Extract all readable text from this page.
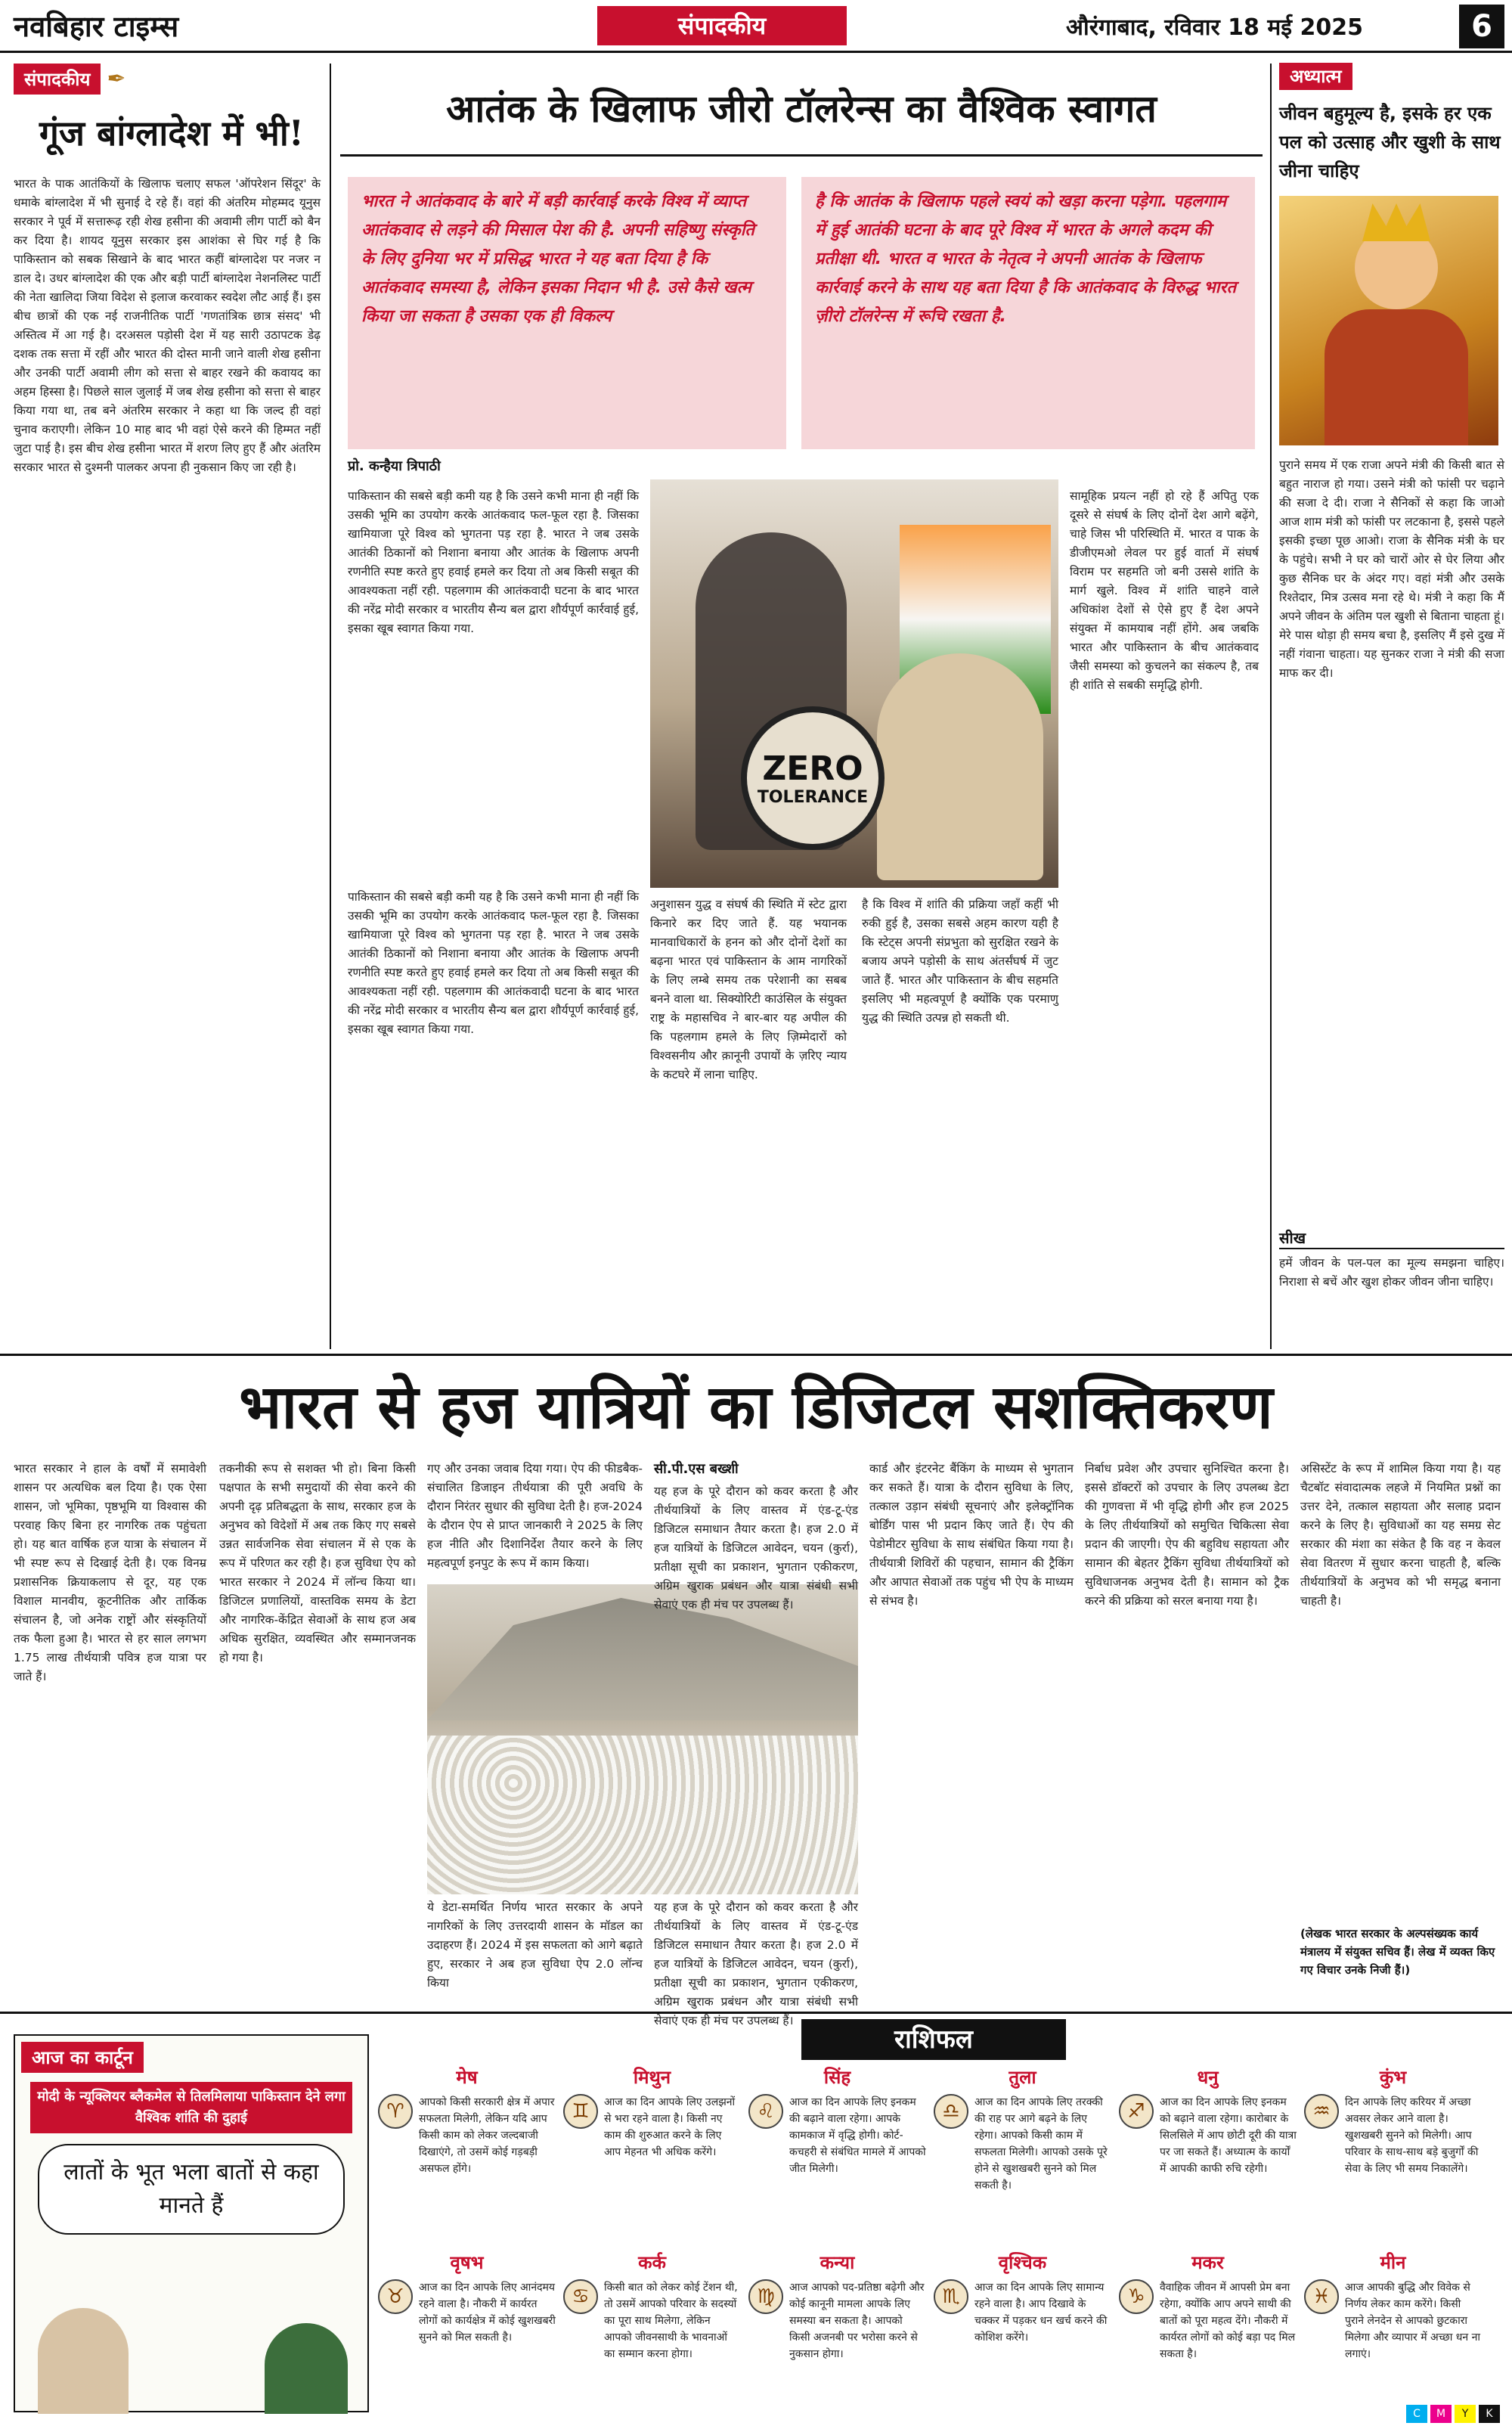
नवबिहार टाइम्स	संपादकीय	औरंगाबाद, रविवार 18 मई 2025	6
संपादकीय ✒
गूंज बांग्लादेश में भी!
भारत के पाक आतंकियों के खिलाफ चलाए सफल 'ऑपरेशन सिंदूर' के धमाके बांग्लादेश में भी सुनाई दे रहे हैं। वहां की अंतरिम मोहम्मद यूनुस सरकार ने पूर्व में सत्तारूढ़ रही शेख हसीना की अवामी लीग पार्टी को बैन कर दिया है। शायद यूनुस सरकार इस आशंका से घिर गई है कि पाकिस्तान को सबक सिखाने के बाद भारत कहीं बांग्लादेश पर नजर न डाल दे। उधर बांग्लादेश की एक और बड़ी पार्टी बांग्लादेश नेशनलिस्ट पार्टी की नेता खालिदा जिया विदेश से इलाज करवाकर स्वदेश लौट आई हैं। इस बीच छात्रों की एक नई राजनीतिक पार्टी 'गणतांत्रिक छात्र संसद' भी अस्तित्व में आ गई है। दरअसल पड़ोसी देश में यह सारी उठापटक डेढ़ दशक तक सत्ता में रहीं और भारत की दोस्त मानी जाने वाली शेख हसीना और उनकी पार्टी अवामी लीग को सत्ता से बाहर रखने की कवायद का अहम हिस्सा है। पिछले साल जुलाई में जब शेख हसीना को सत्ता से बाहर किया गया था, तब बने अंतरिम सरकार ने कहा था कि जल्द ही वहां चुनाव कराएगी। लेकिन 10 माह बाद भी वहां ऐसे करने की हिम्मत नहीं जुटा पाई है। इस बीच शेख हसीना भारत में शरण लिए हुए हैं और अंतरिम सरकार भारत से दुश्मनी पालकर अपना ही नुकसान किए जा रही है।
आतंक के खिलाफ जीरो टॉलरेन्स का वैश्विक स्वागत
भारत ने आतंकवाद के बारे में बड़ी कार्रवाई करके विश्व में व्याप्त आतंकवाद से लड़ने की मिसाल पेश की है. अपनी सहिष्णु संस्कृति के लिए दुनिया भर में प्रसिद्ध भारत ने यह बता दिया है कि आतंकवाद समस्या है, लेकिन इसका निदान भी है. उसे कैसे खत्म किया जा सकता है उसका एक ही विकल्प
है कि आतंक के खिलाफ पहले स्वयं को खड़ा करना पड़ेगा. पहलगाम में हुई आतंकी घटना के बाद पूरे विश्व में भारत के अगले कदम की प्रतीक्षा थी. भारत व भारत के नेतृत्व ने अपनी आतंक के खिलाफ कार्रवाई करने के साथ यह बता दिया है कि आतंकवाद के विरुद्ध भारत ज़ीरो टॉलरेन्स में रूचि रखता है.
प्रो. कन्हैया त्रिपाठी
ZERO
TOLERANCE
पाकिस्तान की सबसे बड़ी कमी यह है कि उसने कभी माना ही नहीं कि उसकी भूमि का उपयोग करके आतंकवाद फल-फूल रहा है. जिसका खामियाजा पूरे विश्व को भुगतना पड़ रहा है. भारत ने जब उसके आतंकी ठिकानों को निशाना बनाया और आतंक के खिलाफ अपनी रणनीति स्पष्ट करते हुए हवाई हमले कर दिया तो अब किसी सबूत की आवश्यकता नहीं रही. पहलगाम की आतंकवादी घटना के बाद भारत की नरेंद्र मोदी सरकार व भारतीय सैन्य बल द्वारा शौर्यपूर्ण कार्रवाई हुई, इसका खूब स्वागत किया गया.
पाकिस्तान की सबसे बड़ी कमी यह है कि उसने कभी माना ही नहीं कि उसकी भूमि का उपयोग करके आतंकवाद फल-फूल रहा है. जिसका खामियाजा पूरे विश्व को भुगतना पड़ रहा है. भारत ने जब उसके आतंकी ठिकानों को निशाना बनाया और आतंक के खिलाफ अपनी रणनीति स्पष्ट करते हुए हवाई हमले कर दिया तो अब किसी सबूत की आवश्यकता नहीं रही. पहलगाम की आतंकवादी घटना के बाद भारत की नरेंद्र मोदी सरकार व भारतीय सैन्य बल द्वारा शौर्यपूर्ण कार्रवाई हुई, इसका खूब स्वागत किया गया.
अनुशासन युद्ध व संघर्ष की स्थिति में स्टेट द्वारा किनारे कर दिए जाते हैं. यह भयानक मानवाधिकारों के हनन को और दोनों देशों का बढ़ना भारत एवं पाकिस्तान के आम नागरिकों के लिए लम्बे समय तक परेशानी का सबब बनने वाला था. सिक्योरिटी काउंसिल के संयुक्त राष्ट्र के महासचिव ने बार-बार यह अपील की कि पहलगाम हमले के लिए ज़िम्मेदारों को विश्वसनीय और क़ानूनी उपायों के ज़रिए न्याय के कटघरे में लाना चाहिए.
है कि विश्व में शांति की प्रक्रिया जहाँ कहीं भी रुकी हुई है, उसका सबसे अहम कारण यही है कि स्टेट्स अपनी संप्रभुता को सुरक्षित रखने के बजाय अपने पड़ोसी के साथ अंतर्संघर्ष में जुट जाते हैं. भारत और पाकिस्तान के बीच सहमति इसलिए भी महत्वपूर्ण है क्योंकि एक परमाणु युद्ध की स्थिति उत्पन्न हो सकती थी.
सामूहिक प्रयत्न नहीं हो रहे हैं अपितु एक दूसरे से संघर्ष के लिए दोनों देश आगे बढ़ेंगे, चाहे जिस भी परिस्थिति में. भारत व पाक के डीजीएमओ लेवल पर हुई वार्ता में संघर्ष विराम पर सहमति जो बनी उससे शांति के मार्ग खुले. विश्व में शांति चाहने वाले अधिकांश देशों से ऐसे हुए हैं देश अपने संयुक्त में कामयाब नहीं होंगे. अब जबकि भारत और पाकिस्तान के बीच आतंकवाद जैसी समस्या को कुचलने का संकल्प है, तब ही शांति से सबकी समृद्धि होगी.
अध्यात्म
जीवन बहुमूल्य है, इसके हर एक पल को उत्साह और खुशी के साथ जीना चाहिए
पुराने समय में एक राजा अपने मंत्री की किसी बात से बहुत नाराज हो गया। उसने मंत्री को फांसी पर चढ़ाने की सजा दे दी। राजा ने सैनिकों से कहा कि जाओ आज शाम मंत्री को फांसी पर लटकाना है, इससे पहले इसकी इच्छा पूछ आओ। राजा के सैनिक मंत्री के घर के पहुंचे। सभी ने घर को चारों ओर से घेर लिया और कुछ सैनिक घर के अंदर गए। वहां मंत्री और उसके रिश्तेदार, मित्र उत्सव मना रहे थे। मंत्री ने कहा कि मैं अपने जीवन के अंतिम पल खुशी से बिताना चाहता हूं। मेरे पास थोड़ा ही समय बचा है, इसलिए मैं इसे दुख में नहीं गंवाना चाहता। यह सुनकर राजा ने मंत्री की सजा माफ कर दी।
सीख
हमें जीवन के पल-पल का मूल्य समझना चाहिए। निराशा से बचें और खुश होकर जीवन जीना चाहिए।
भारत से हज यात्रियों का डिजिटल सशक्तिकरण
भारत सरकार ने हाल के वर्षों में समावेशी शासन पर अत्यधिक बल दिया है। एक ऐसा शासन, जो भूमिका, पृष्ठभूमि या विश्वास की परवाह किए बिना हर नागरिक तक पहुंचता हो। यह बात वार्षिक हज यात्रा के संचालन में भी स्पष्ट रूप से दिखाई देती है। एक विनम्र प्रशासनिक क्रियाकलाप से दूर, यह एक विशाल मानवीय, कूटनीतिक और तार्किक संचालन है, जो अनेक राष्ट्रों और संस्कृतियों तक फैला हुआ है। भारत से हर साल लगभग 1.75 लाख तीर्थयात्री पवित्र हज यात्रा पर जाते हैं।
तकनीकी रूप से सशक्त भी हो। बिना किसी पक्षपात के सभी समुदायों की सेवा करने की अपनी दृढ़ प्रतिबद्धता के साथ, सरकार हज के अनुभव को विदेशों में अब तक किए गए सबसे उन्नत सार्वजनिक सेवा संचालन में से एक के रूप में परिणत कर रही है। हज सुविधा ऐप को भारत सरकार ने 2024 में लॉन्च किया था। डिजिटल प्रणालियों, वास्तविक समय के डेटा और नागरिक-केंद्रित सेवाओं के साथ हज अब अधिक सुरक्षित, व्यवस्थित और सम्मानजनक हो गया है।
गए और उनका जवाब दिया गया। ऐप की फीडबैक-संचालित डिजाइन तीर्थयात्रा की पूरी अवधि के दौरान निरंतर सुधार की सुविधा देती है। हज-2024 के दौरान ऐप से प्राप्त जानकारी ने 2025 के लिए हज नीति और दिशानिर्देश तैयार करने के लिए महत्वपूर्ण इनपुट के रूप में काम किया।
सी.पी.एस बख्शी
यह हज के पूरे दौरान को कवर करता है और तीर्थयात्रियों के लिए वास्तव में एंड-टू-एंड डिजिटल समाधान तैयार करता है। हज 2.0 में हज यात्रियों के डिजिटल आवेदन, चयन (कुर्रा), प्रतीक्षा सूची का प्रकाशन, भुगतान एकीकरण, अग्रिम खुराक प्रबंधन और यात्रा संबंधी सभी सेवाएं एक ही मंच पर उपलब्ध हैं।
ये डेटा-समर्थित निर्णय भारत सरकार के अपने नागरिकों के लिए उत्तरदायी शासन के मॉडल का उदाहरण हैं। 2024 में इस सफलता को आगे बढ़ाते हुए, सरकार ने अब हज सुविधा ऐप 2.0 लॉन्च किया
यह हज के पूरे दौरान को कवर करता है और तीर्थयात्रियों के लिए वास्तव में एंड-टू-एंड डिजिटल समाधान तैयार करता है। हज 2.0 में हज यात्रियों के डिजिटल आवेदन, चयन (कुर्रा), प्रतीक्षा सूची का प्रकाशन, भुगतान एकीकरण, अग्रिम खुराक प्रबंधन और यात्रा संबंधी सभी सेवाएं एक ही मंच पर उपलब्ध हैं।
कार्ड और इंटरनेट बैंकिंग के माध्यम से भुगतान कर सकते हैं। यात्रा के दौरान सुविधा के लिए, तत्काल उड़ान संबंधी सूचनाएं और इलेक्ट्रॉनिक बोर्डिंग पास भी प्रदान किए जाते हैं। ऐप की पेडोमीटर सुविधा के साथ संबंधित किया गया है। तीर्थयात्री शिविरों की पहचान, सामान की ट्रैकिंग और आपात सेवाओं तक पहुंच भी ऐप के माध्यम से संभव है।
निर्बाध प्रवेश और उपचार सुनिश्चित करना है। इससे डॉक्टरों को उपचार के लिए उपलब्ध डेटा की गुणवत्ता में भी वृद्धि होगी और हज 2025 के लिए तीर्थयात्रियों को समुचित चिकित्सा सेवा प्रदान की जाएगी। ऐप की बहुविध सहायता और सामान की बेहतर ट्रैकिंग सुविधा तीर्थयात्रियों को सुविधाजनक अनुभव देती है। सामान को ट्रैक करने की प्रक्रिया को सरल बनाया गया है।
असिस्टेंट के रूप में शामिल किया गया है। यह चैटबॉट संवादात्मक लहजे में नियमित प्रश्नों का उत्तर देने, तत्काल सहायता और सलाह प्रदान करने के लिए है। सुविधाओं का यह समग्र सेट सरकार की मंशा का संकेत है कि वह न केवल सेवा वितरण में सुधार करना चाहती है, बल्कि तीर्थयात्रियों के अनुभव को भी समृद्ध बनाना चाहती है।
(लेखक भारत सरकार के अल्पसंख्यक कार्य मंत्रालय में संयुक्त सचिव हैं। लेख में व्यक्त किए गए विचार उनके निजी हैं।)
आज का कार्टून
मोदी के न्यूक्लियर ब्लैकमेल से तिलमिलाया पाकिस्तान देने लगा वैश्विक शांति की दुहाई
लातों के भूत भला बातों से कहा मानते हैं
राशिफल
मेष
♈	आपको किसी सरकारी क्षेत्र में अपार सफलता मिलेगी, लेकिन यदि आप किसी काम को लेकर जल्दबाजी दिखाएंगे, तो उसमें कोई गड़बड़ी असफल होंगे।
मिथुन
♊	आज का दिन आपके लिए उलझनों से भरा रहने वाला है। किसी नए काम की शुरुआत करने के लिए आप मेहनत भी अधिक करेंगे।
सिंह
♌	आज का दिन आपके लिए इनकम की बढ़ाने वाला रहेगा। आपके कामकाज में वृद्धि होगी। कोर्ट-कचहरी से संबंधित मामले में आपको जीत मिलेगी।
तुला
♎	आज का दिन आपके लिए तरक्की की राह पर आगे बढ़ने के लिए रहेगा। आपको किसी काम में सफलता मिलेगी। आपको उसके पूरे होने से खुशखबरी सुनने को मिल सकती है।
धनु
♐	आज का दिन आपके लिए इनकम को बढ़ाने वाला रहेगा। कारोबार के सिलसिले में आप छोटी दूरी की यात्रा पर जा सकते हैं। अध्यात्म के कार्यों में आपकी काफी रुचि रहेगी।
कुंभ
♒	दिन आपके लिए करियर में अच्छा अवसर लेकर आने वाला है। खुशखबरी सुनने को मिलेगी। आप परिवार के साथ-साथ बड़े बुजुर्गों की सेवा के लिए भी समय निकालेंगे।
वृषभ
♉	आज का दिन आपके लिए आनंदमय रहने वाला है। नौकरी में कार्यरत लोगों को कार्यक्षेत्र में कोई खुशखबरी सुनने को मिल सकती है।
कर्क
♋	किसी बात को लेकर कोई टेंशन थी, तो उसमें आपको परिवार के सदस्यों का पूरा साथ मिलेगा, लेकिन आपको जीवनसाथी के भावनाओं का सम्मान करना होगा।
कन्या
♍	आज आपको पद-प्रतिष्ठा बढ़ेगी और कोई कानूनी मामला आपके लिए समस्या बन सकता है। आपको किसी अजनबी पर भरोसा करने से नुकसान होगा।
वृश्चिक
♏	आज का दिन आपके लिए सामान्य रहने वाला है। आप दिखावे के चक्कर में पड़कर धन खर्च करने की कोशिश करेंगे।
मकर
♑	वैवाहिक जीवन में आपसी प्रेम बना रहेगा, क्योंकि आप अपने साथी की बातों को पूरा महत्व देंगे। नौकरी में कार्यरत लोगों को कोई बड़ा पद मिल सकता है।
मीन
♓	आज आपकी बुद्धि और विवेक से निर्णय लेकर काम करेंगे। किसी पुराने लेनदेन से आपको छुटकारा मिलेगा और व्यापार में अच्छा धन ना लगाएं।
C	M	Y	K
